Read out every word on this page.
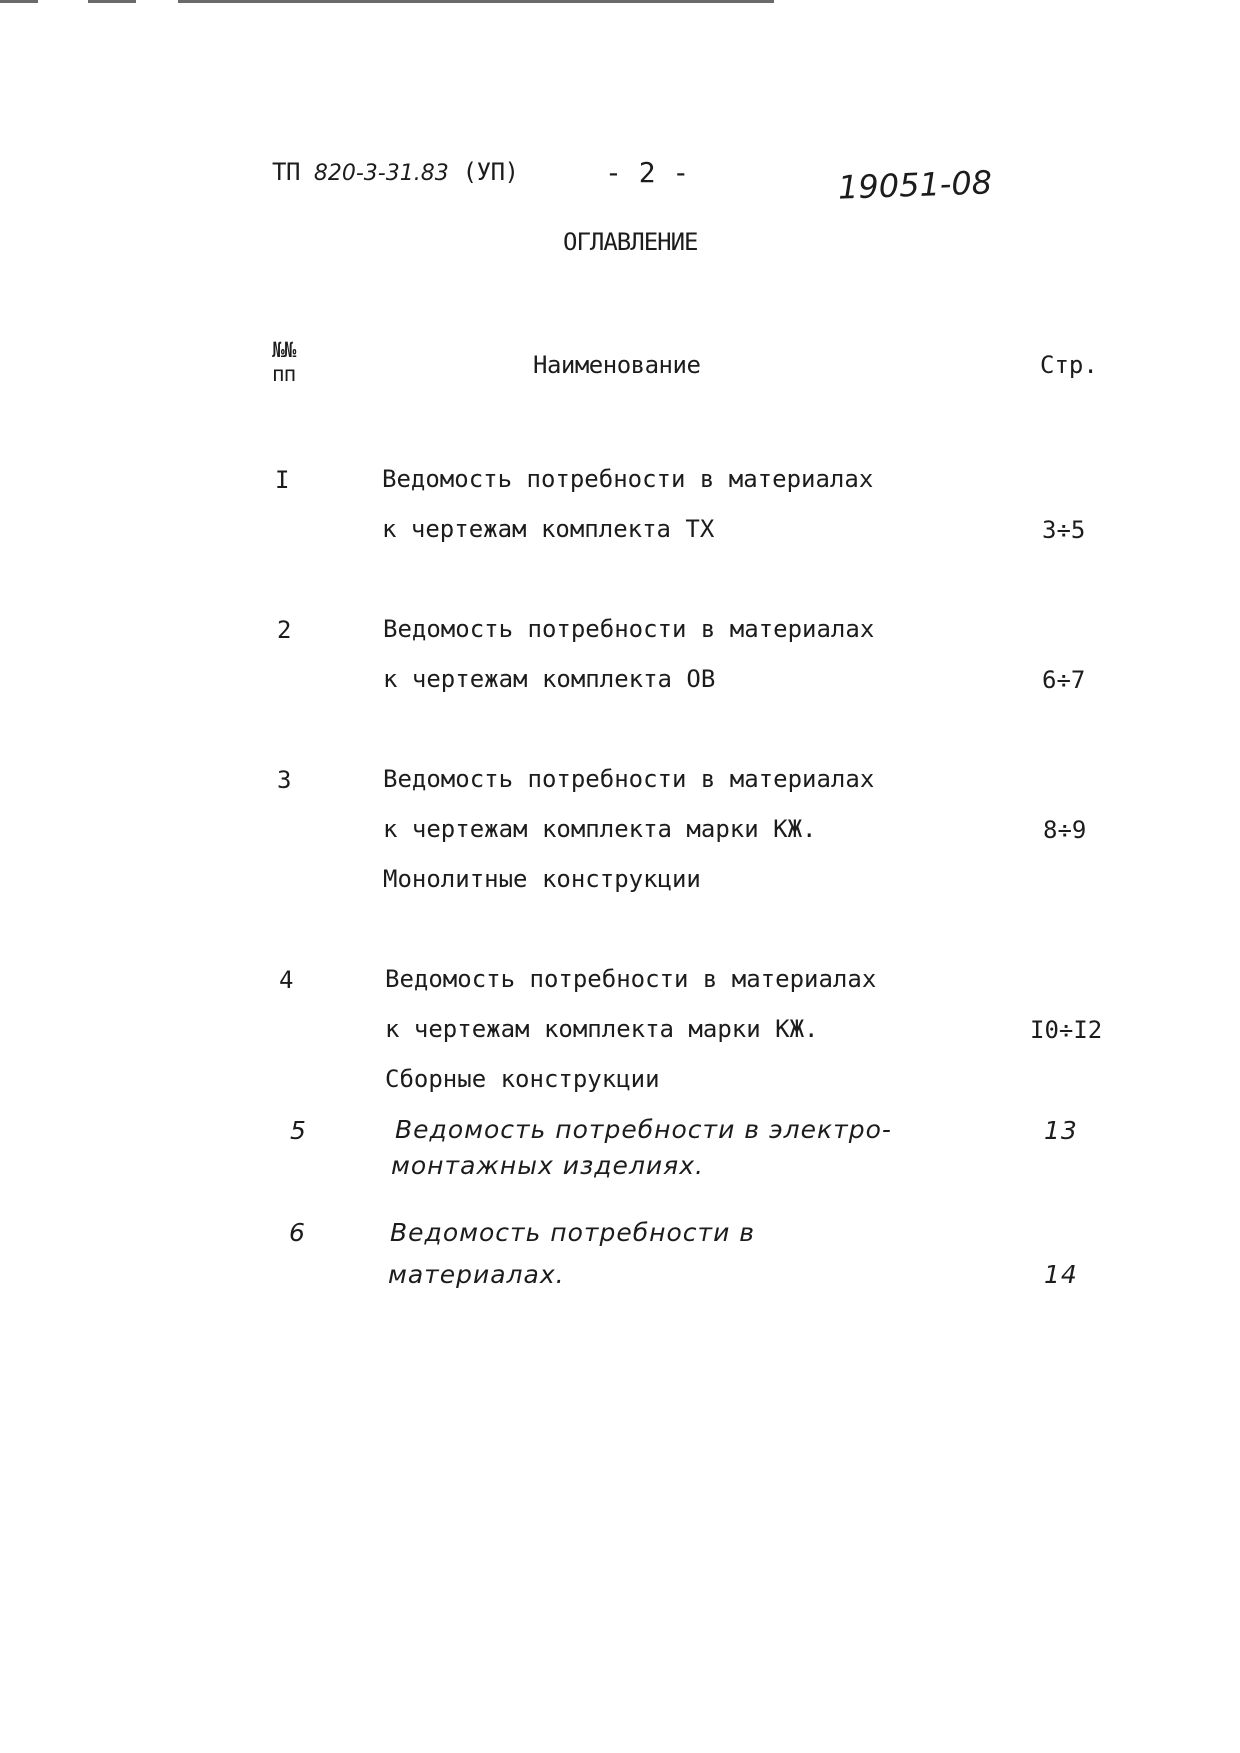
ТП 820-3-31.83 (УП)	- 2 -	19051-08
ОГЛАВЛЕНИЕ
№№
пп	Наименование	Стр.
I	Ведомость потребности в материалах
к чертежам комплекта ТХ	3÷5
2	Ведомость потребности в материалах
к чертежам комплекта ОВ	6÷7
3	Ведомость потребности в материалах
к чертежам комплекта марки КЖ.
Монолитные конструкции
8÷9
4	Ведомость потребности в материалах
к чертежам комплекта марки КЖ.
Сборные конструкции
I0÷I2
5	Ведомость потребности в электро-
монтажных изделиях.
13
6	Ведомость потребности в
материалах.	14
